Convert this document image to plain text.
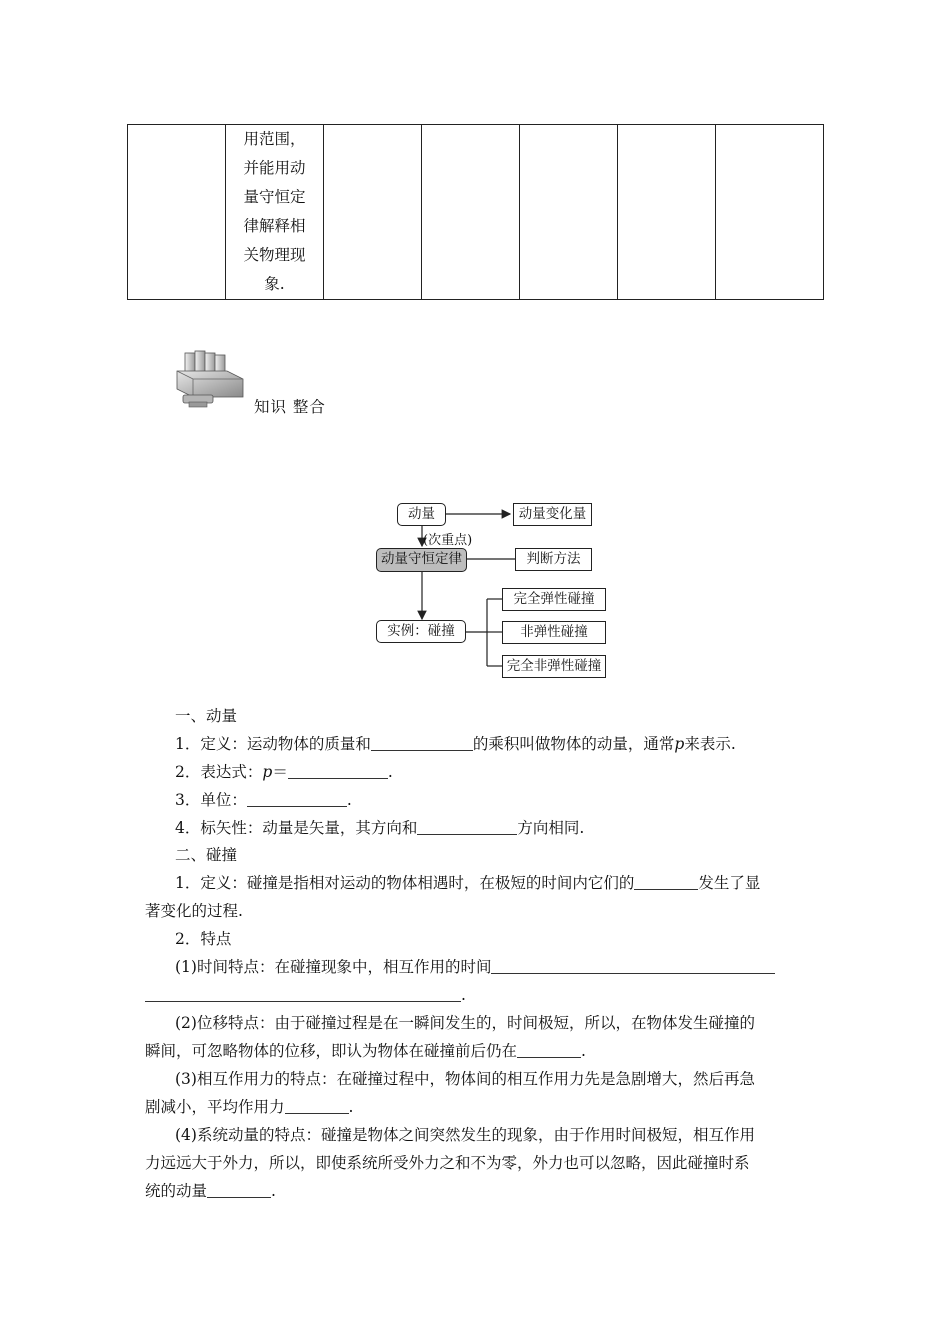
用范围，
并能用动
量守恒定
律解释相
关物理现
象.

知识 整合
动量	动量变化量
(次重点)
动量守恒定律	判断方法
实例：碰撞
完全弹性碰撞
非弹性碰撞
完全非弹性碰撞
一、动量
1．定义：运动物体的质量和	的乘积叫做物体的动量，通常p来表示.
2．表达式：p＝	.
3．单位：	.
4．标矢性：动量是矢量，其方向和	方向相同.
二、碰撞
1．定义：碰撞是指相对运动的物体相遇时，在极短的时间内它们的	发生了显
著变化的过程.
2．特点
(1)时间特点：在碰撞现象中，相互作用的时间
.
(2)位移特点：由于碰撞过程是在一瞬间发生的，时间极短，所以，在物体发生碰撞的
瞬间，可忽略物体的位移，即认为物体在碰撞前后仍在	.
(3)相互作用力的特点：在碰撞过程中，物体间的相互作用力先是急剧增大，然后再急
剧减小，平均作用力	.
(4)系统动量的特点：碰撞是物体之间突然发生的现象，由于作用时间极短，相互作用
力远远大于外力，所以，即使系统所受外力之和不为零，外力也可以忽略，因此碰撞时系
统的动量	.
